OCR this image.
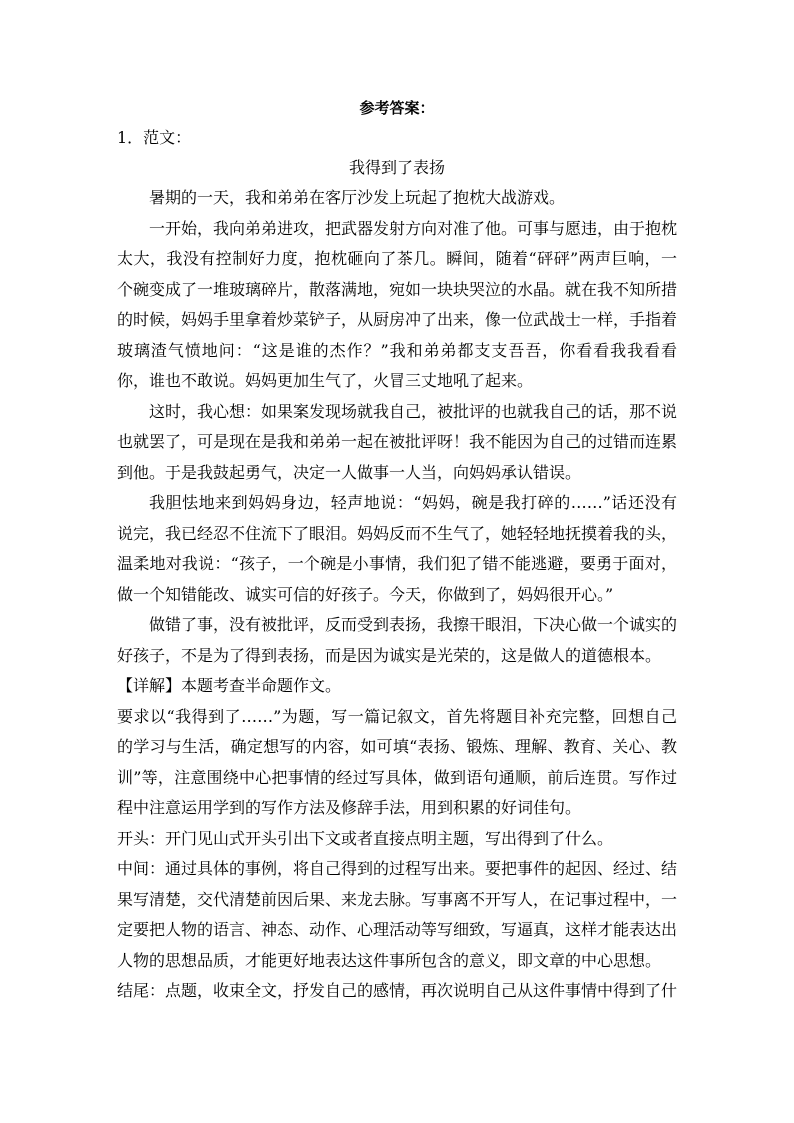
参考答案：
1．范文：
我得到了表扬

暑期的一天，我和弟弟在客厅沙发上玩起了抱枕大战游戏。

一开始，我向弟弟进攻，把武器发射方向对准了他。可事与愿违，由于抱枕太大，我没有控制好力度，抱枕砸向了茶几。瞬间，随着“砰砰”两声巨响，一个碗变成了一堆玻璃碎片，散落满地，宛如一块块哭泣的水晶。就在我不知所措的时候，妈妈手里拿着炒菜铲子，从厨房冲了出来，像一位武战士一样，手指着玻璃渣气愤地问：“这是谁的杰作？”我和弟弟都支支吾吾，你看看我我看看你，谁也不敢说。妈妈更加生气了，火冒三丈地吼了起来。

这时，我心想：如果案发现场就我自己，被批评的也就我自己的话，那不说也就罢了，可是现在是我和弟弟一起在被批评呀！我不能因为自己的过错而连累到他。于是我鼓起勇气，决定一人做事一人当，向妈妈承认错误。

我胆怯地来到妈妈身边，轻声地说：“妈妈，碗是我打碎的……”话还没有说完，我已经忍不住流下了眼泪。妈妈反而不生气了，她轻轻地抚摸着我的头，温柔地对我说：“孩子，一个碗是小事情，我们犯了错不能逃避，要勇于面对，做一个知错能改、诚实可信的好孩子。今天，你做到了，妈妈很开心。”

做错了事，没有被批评，反而受到表扬，我擦干眼泪，下决心做一个诚实的好孩子，不是为了得到表扬，而是因为诚实是光荣的，这是做人的道德根本。

【详解】本题考查半命题作文。

要求以“我得到了……”为题，写一篇记叙文，首先将题目补充完整，回想自己的学习与生活，确定想写的内容，如可填“表扬、锻炼、理解、教育、关心、教训”等，注意围绕中心把事情的经过写具体，做到语句通顺，前后连贯。写作过程中注意运用学到的写作方法及修辞手法，用到积累的好词佳句。

开头：开门见山式开头引出下文或者直接点明主题，写出得到了什么。

中间：通过具体的事例，将自己得到的过程写出来。要把事件的起因、经过、结果写清楚，交代清楚前因后果、来龙去脉。写事离不开写人，在记事过程中，一定要把人物的语言、神态、动作、心理活动等写细致，写逼真，这样才能表达出人物的思想品质，才能更好地表达这件事所包含的意义，即文章的中心思想。

结尾：点题，收束全文，抒发自己的感情，再次说明自己从这件事情中得到了什
